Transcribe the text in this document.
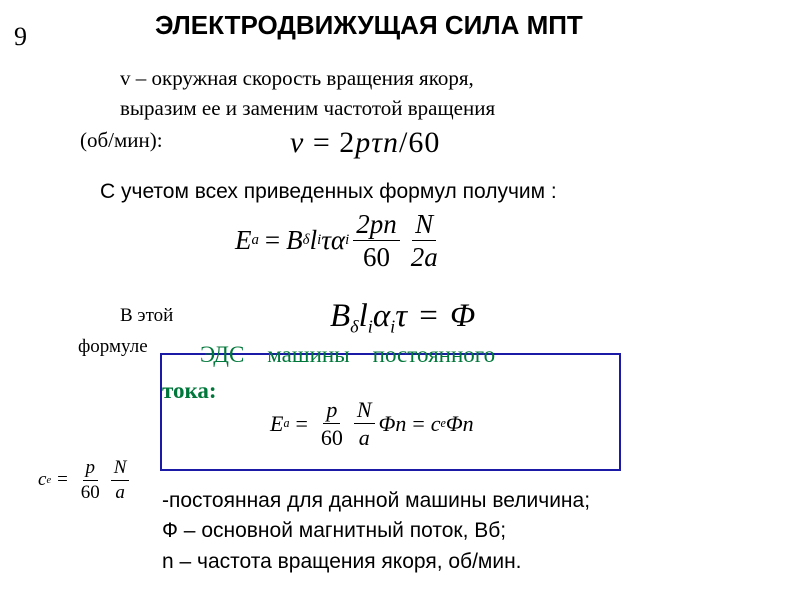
9	ЭЛЕКТРОДВИЖУЩАЯ СИЛА МПТ
v – окружная скорость вращения якоря,
выразим ее и заменим частотой вращения
(об/мин):	v = 2pτn/60
С учетом всех приведенных формул получим :
E a = B δ l i τ α i $\frac{2pn}{60} \frac{N}{2a}$
В этой
формуле
$B_\delta l_i\alpha_i\tau = \Phi$
ЭДС    машины    постоянного
тока:
E $a = \frac{p}{60} \frac{N}{a}$ Φ n = c e Φ n
c $e = \frac{p}{60} \frac{N}{a}$ -постоянная для данной машины величина;
Ф – основной магнитный поток, Вб;
n – частота вращения якоря, об/мин.
